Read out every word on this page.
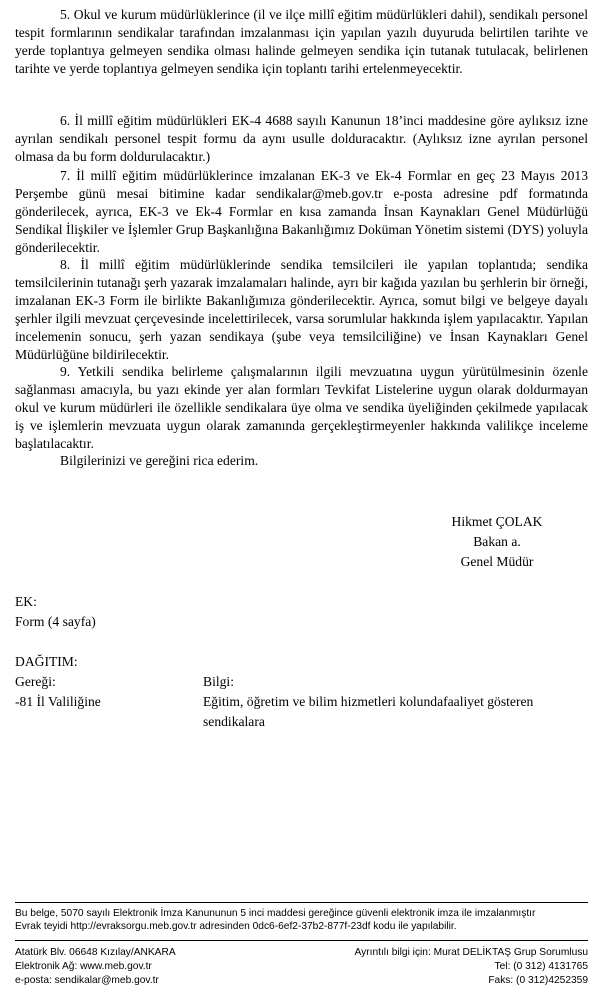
5. Okul ve kurum müdürlüklerince (il ve ilçe millî eğitim müdürlükleri dahil), sendikalı personel tespit formlarının sendikalar tarafından imzalanması için yapılan yazılı duyuruda belirtilen tarihte ve yerde toplantıya gelmeyen sendika olması halinde gelmeyen sendika için tutanak tutulacak, belirlenen tarihte ve yerde toplantıya gelmeyen sendika için toplantı tarihi ertelenmeyecektir.
6. İl millî eğitim müdürlükleri EK-4 4688 sayılı Kanunun 18’inci maddesine göre aylıksız izne ayrılan sendikalı personel tespit formu da aynı usulle dolduracaktır. (Aylıksız izne ayrılan personel olmasa da bu form doldurulacaktır.)
7. İl millî eğitim müdürlüklerince imzalanan EK-3 ve Ek-4 Formlar en geç 23 Mayıs 2013 Perşembe günü mesai bitimine kadar sendikalar@meb.gov.tr e-posta adresine pdf formatında gönderilecek, ayrıca, EK-3 ve Ek-4 Formlar en kısa zamanda İnsan Kaynakları Genel Müdürlüğü Sendikal İlişkiler ve İşlemler Grup Başkanlığına Bakanlığımız Doküman Yönetim sistemi (DYS) yoluyla gönderilecektir.
8. İl millî eğitim müdürlüklerinde sendika temsilcileri ile yapılan toplantıda; sendika temsilcilerinin tutanağı şerh yazarak imzalamaları halinde, ayrı bir kağıda yazılan bu şerhlerin bir örneği, imzalanan EK-3 Form ile birlikte Bakanlığımıza gönderilecektir. Ayrıca, somut bilgi ve belgeye dayalı şerhler ilgili mevzuat çerçevesinde incelettirilecek, varsa sorumlular hakkında işlem yapılacaktır. Yapılan incelemenin sonucu, şerh yazan sendikaya (şube veya temsilciliğine) ve İnsan Kaynakları Genel Müdürlüğüne bildirilecektir.
9. Yetkili sendika belirleme çalışmalarının ilgili mevzuatına uygun yürütülmesinin özenle sağlanması amacıyla, bu yazı ekinde yer alan formları Tevkifat Listelerine uygun olarak doldurmayan okul ve kurum müdürleri ile özellikle sendikalara üye olma ve sendika üyeliğinden çekilmede yapılacak iş ve işlemlerin mevzuata uygun olarak zamanında gerçekleştirmeyenler hakkında valilikçe inceleme başlatılacaktır.
Bilgilerinizi ve gereğini rica ederim.
Hikmet ÇOLAK
Bakan a.
Genel Müdür
EK:
Form (4 sayfa)
DAĞITIM:
Gereği:
-81 İl Valiliğine
Bilgi:
Eğitim, öğretim ve bilim hizmetleri kolundafaaliyet gösteren sendikalara
Bu belge, 5070 sayılı Elektronik İmza Kanununun 5 inci maddesi gereğince güvenli elektronik imza ile imzalanmıştır
Evrak teyidi http://evraksorgu.meb.gov.tr adresinden 0dc6-6ef2-37b2-877f-23df kodu ile yapılabilir.
Atatürk Blv. 06648 Kızılay/ANKARA
Elektronik Ağ: www.meb.gov.tr
e-posta: sendikalar@meb.gov.tr
Ayrıntılı bilgi için: Murat DELİKTAŞ Grup Sorumlusu
Tel: (0 312) 4131765
Faks: (0 312)4252359
